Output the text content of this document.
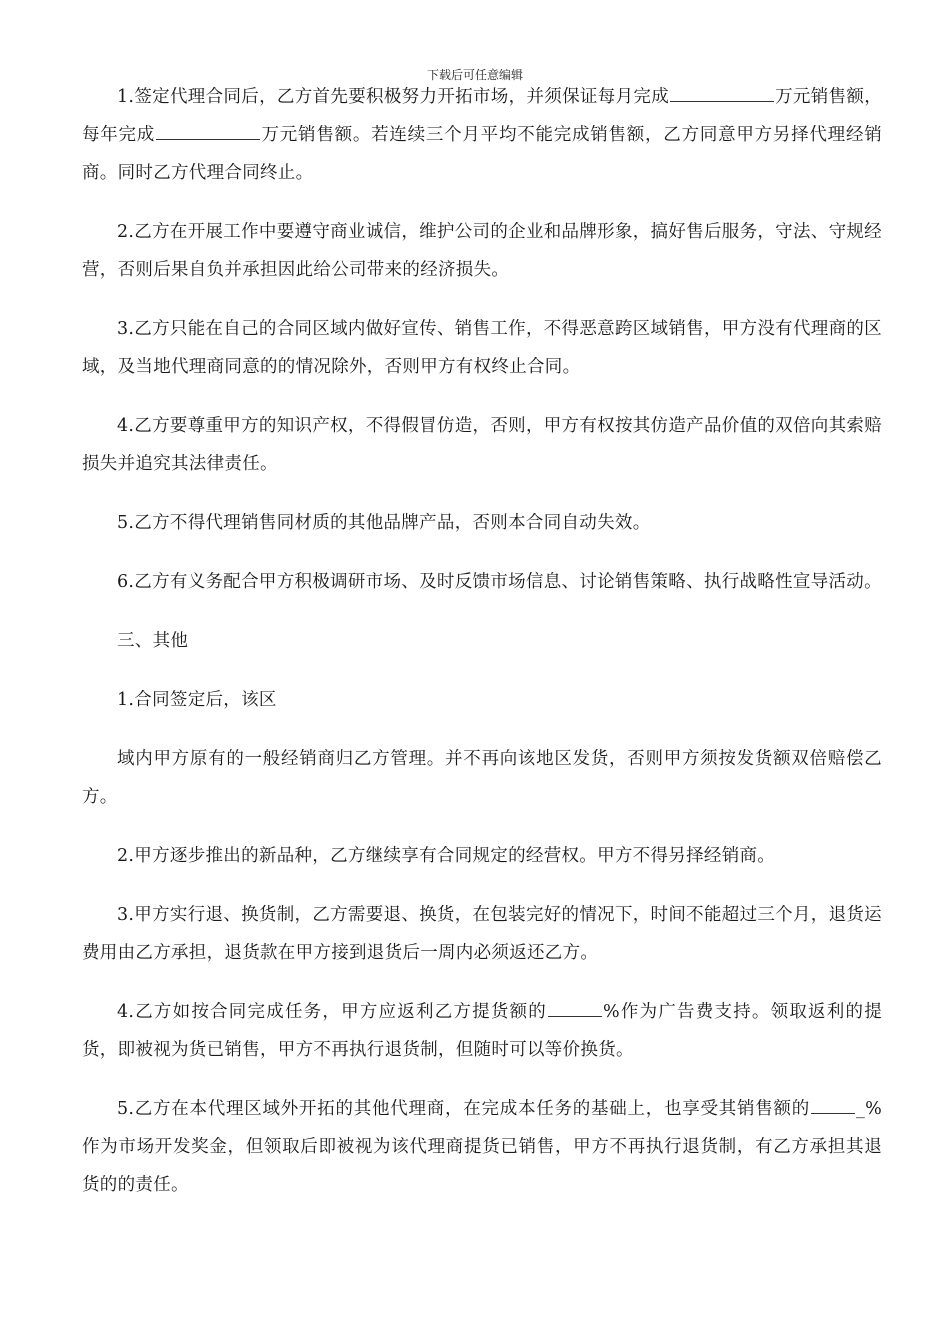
下载后可任意编辑

1.签定代理合同后，乙方首先要积极努力开拓市场，并须保证每月完成	万元销售额，每年完成	万元销售额。若连续三个月平均不能完成销售额，乙方同意甲方另择代理经销商。同时乙方代理合同终止。

2.乙方在开展工作中要遵守商业诚信，维护公司的企业和品牌形象，搞好售后服务，守法、守规经营，否则后果自负并承担因此给公司带来的经济损失。

3.乙方只能在自己的合同区域内做好宣传、销售工作，不得恶意跨区域销售，甲方没有代理商的区域，及当地代理商同意的的情况除外，否则甲方有权终止合同。

4.乙方要尊重甲方的知识产权，不得假冒仿造，否则，甲方有权按其仿造产品价值的双倍向其索赔损失并追究其法律责任。

5.乙方不得代理销售同材质的其他品牌产品，否则本合同自动失效。

6.乙方有义务配合甲方积极调研市场、及时反馈市场信息、讨论销售策略、执行战略性宣导活动。

三、其他

1.合同签定后，该区

域内甲方原有的一般经销商归乙方管理。并不再向该地区发货，否则甲方须按发货额双倍赔偿乙方。

2.甲方逐步推出的新品种，乙方继续享有合同规定的经营权。甲方不得另择经销商。

3.甲方实行退、换货制，乙方需要退、换货，在包装完好的情况下，时间不能超过三个月，退货运费用由乙方承担，退货款在甲方接到退货后一周内必须返还乙方。

4.乙方如按合同完成任务，甲方应返利乙方提货额的	%作为广告费支持。领取返利的提货，即被视为货已销售，甲方不再执行退货制，但随时可以等价换货。

5.乙方在本代理区域外开拓的其他代理商，在完成本任务的基础上，也享受其销售额的	_%作为市场开发奖金，但领取后即被视为该代理商提货已销售，甲方不再执行退货制，有乙方承担其退货的的责任。
